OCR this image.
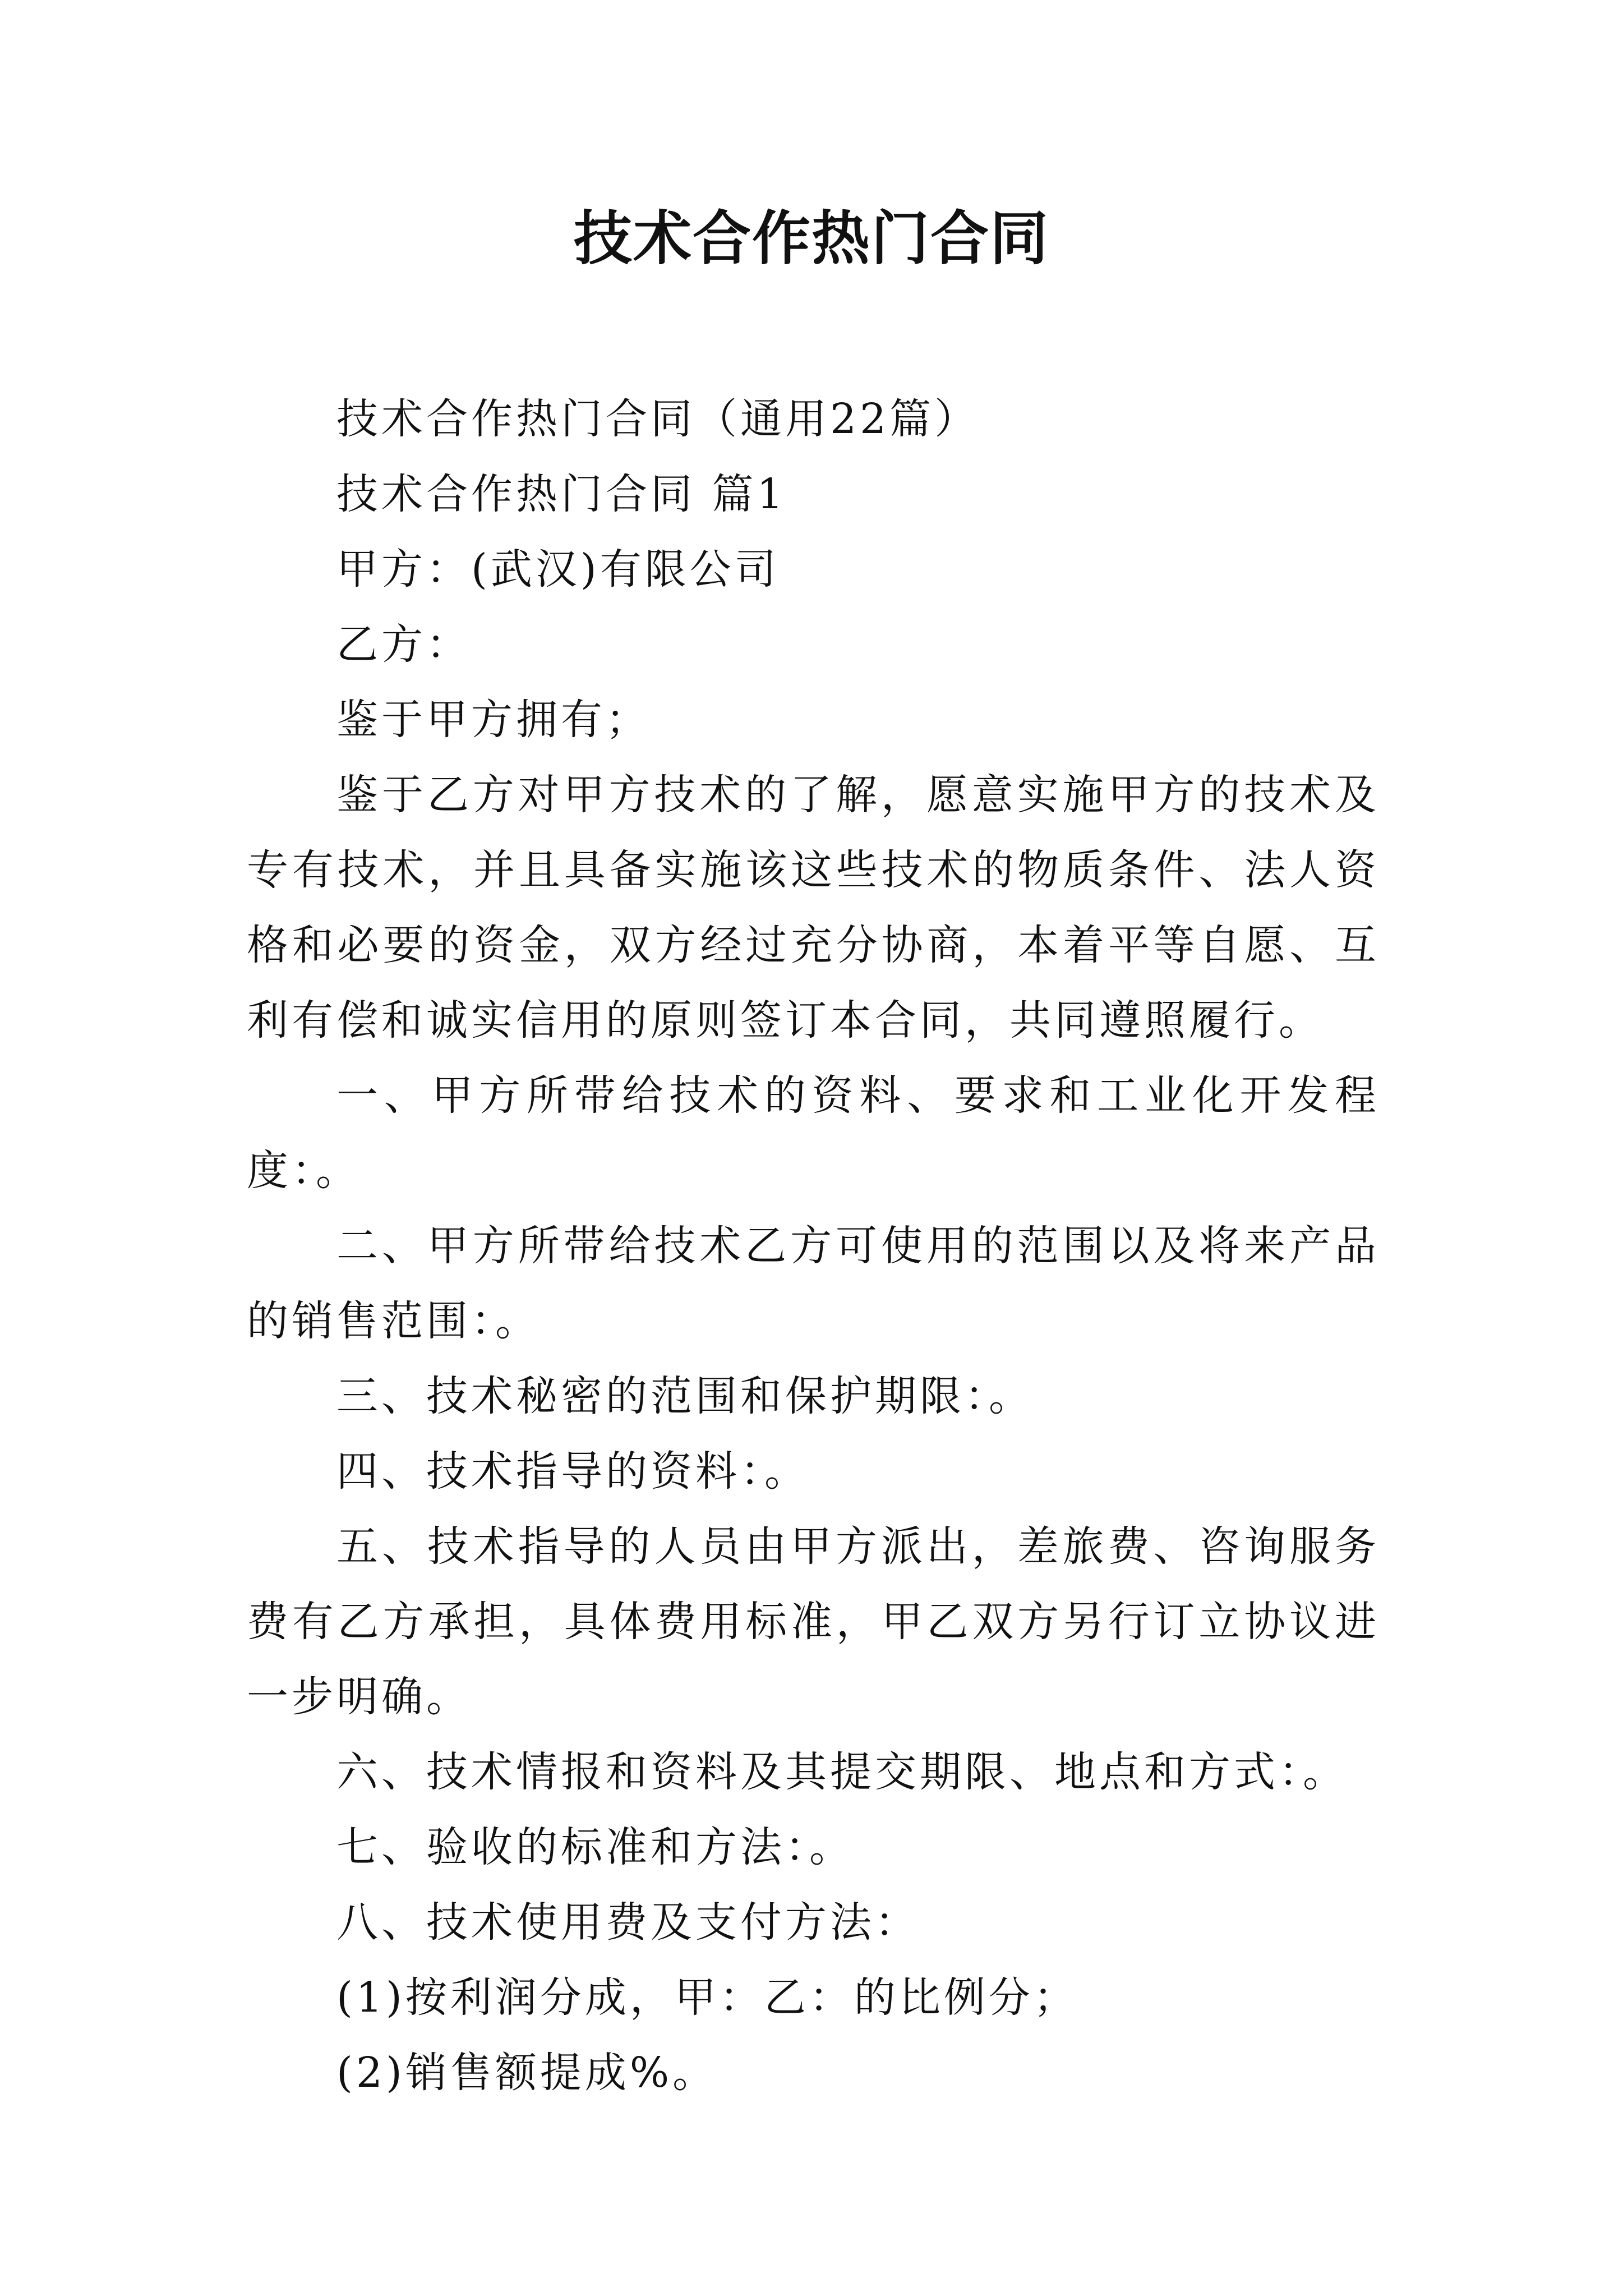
技术合作热门合同

技术合作热门合同（通用22篇）

技术合作热门合同 篇1

甲方：(武汉)有限公司

乙方：

鉴于甲方拥有；

鉴于乙方对甲方技术的了解，愿意实施甲方的技术及专有技术，并且具备实施该这些技术的物质条件、法人资格和必要的资金，双方经过充分协商，本着平等自愿、互利有偿和诚实信用的原则签订本合同，共同遵照履行。

一、甲方所带给技术的资料、要求和工业化开发程度：。

二、甲方所带给技术乙方可使用的范围以及将来产品的销售范围：。

三、技术秘密的范围和保护期限：。

四、技术指导的资料：。

五、技术指导的人员由甲方派出，差旅费、咨询服务费有乙方承担，具体费用标准，甲乙双方另行订立协议进一步明确。

六、技术情报和资料及其提交期限、地点和方式：。

七、验收的标准和方法：。

八、技术使用费及支付方法：

(1)按利润分成，甲：乙：的比例分；

(2)销售额提成%。
